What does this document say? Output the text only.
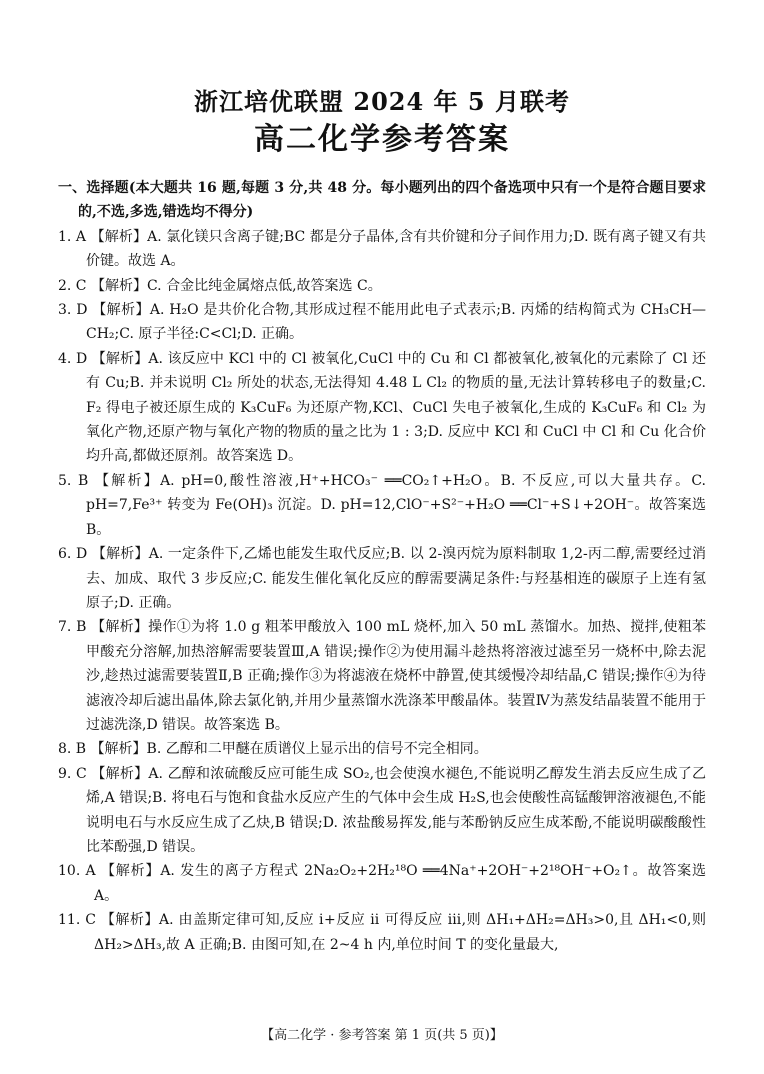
浙江培优联盟 2024 年 5 月联考
高二化学参考答案
一、选择题(本大题共 16 题,每题 3 分,共 48 分。每小题列出的四个备选项中只有一个是符合题目要求的,不选,多选,错选均不得分)
1. A 【解析】A. 氯化镁只含离子键;BC 都是分子晶体,含有共价键和分子间作用力;D. 既有离子键又有共价键。故选 A。
2. C 【解析】C. 合金比纯金属熔点低,故答案选 C。
3. D 【解析】A. H₂O 是共价化合物,其形成过程不能用此电子式表示;B. 丙烯的结构简式为 CH₃CH—CH₂;C. 原子半径:C<Cl;D. 正确。
4. D 【解析】A. 该反应中 KCl 中的 Cl 被氧化,CuCl 中的 Cu 和 Cl 都被氧化,被氧化的元素除了 Cl 还有 Cu;B. 并未说明 Cl₂ 所处的状态,无法得知 4.48 L Cl₂ 的物质的量,无法计算转移电子的数量;C. F₂ 得电子被还原生成的 K₃CuF₆ 为还原产物,KCl、CuCl 失电子被氧化,生成的 K₃CuF₆ 和 Cl₂ 为氧化产物,还原产物与氧化产物的物质的量之比为 1 : 3;D. 反应中 KCl 和 CuCl 中 Cl 和 Cu 化合价均升高,都做还原剂。故答案选 D。
5. B 【解析】A. pH=0,酸性溶液,H⁺+HCO₃⁻ ══CO₂↑+H₂O。B. 不反应,可以大量共存。C. pH=7,Fe³⁺ 转变为 Fe(OH)₃ 沉淀。D. pH=12,ClO⁻+S²⁻+H₂O ══Cl⁻+S↓+2OH⁻。故答案选 B。
6. D 【解析】A. 一定条件下,乙烯也能发生取代反应;B. 以 2-溴丙烷为原料制取 1,2-丙二醇,需要经过消去、加成、取代 3 步反应;C. 能发生催化氧化反应的醇需要满足条件:与羟基相连的碳原子上连有氢原子;D. 正确。
7. B 【解析】操作①为将 1.0 g 粗苯甲酸放入 100 mL 烧杯,加入 50 mL 蒸馏水。加热、搅拌,使粗苯甲酸充分溶解,加热溶解需要装置Ⅲ,A 错误;操作②为使用漏斗趁热将溶液过滤至另一烧杯中,除去泥沙,趁热过滤需要装置Ⅱ,B 正确;操作③为将滤液在烧杯中静置,使其缓慢冷却结晶,C 错误;操作④为待滤液冷却后滤出晶体,除去氯化钠,并用少量蒸馏水洗涤苯甲酸晶体。装置Ⅳ为蒸发结晶装置不能用于过滤洗涤,D 错误。故答案选 B。
8. B 【解析】B. 乙醇和二甲醚在质谱仪上显示出的信号不完全相同。
9. C 【解析】A. 乙醇和浓硫酸反应可能生成 SO₂,也会使溴水褪色,不能说明乙醇发生消去反应生成了乙烯,A 错误;B. 将电石与饱和食盐水反应产生的气体中会生成 H₂S,也会使酸性高锰酸钾溶液褪色,不能说明电石与水反应生成了乙炔,B 错误;D. 浓盐酸易挥发,能与苯酚钠反应生成苯酚,不能说明碳酸酸性比苯酚强,D 错误。
10. A 【解析】A. 发生的离子方程式 2Na₂O₂+2H₂¹⁸O ══4Na⁺+2OH⁻+2¹⁸OH⁻+O₂↑。故答案选 A。
11. C 【解析】A. 由盖斯定律可知,反应 ⅰ+反应 ⅱ 可得反应 ⅲ,则 ΔH₁+ΔH₂=ΔH₃>0,且 ΔH₁<0,则 ΔH₂>ΔH₃,故 A 正确;B. 由图可知,在 2~4 h 内,单位时间 T 的变化量最大,
【高二化学 · 参考答案 第 1 页(共 5 页)】
